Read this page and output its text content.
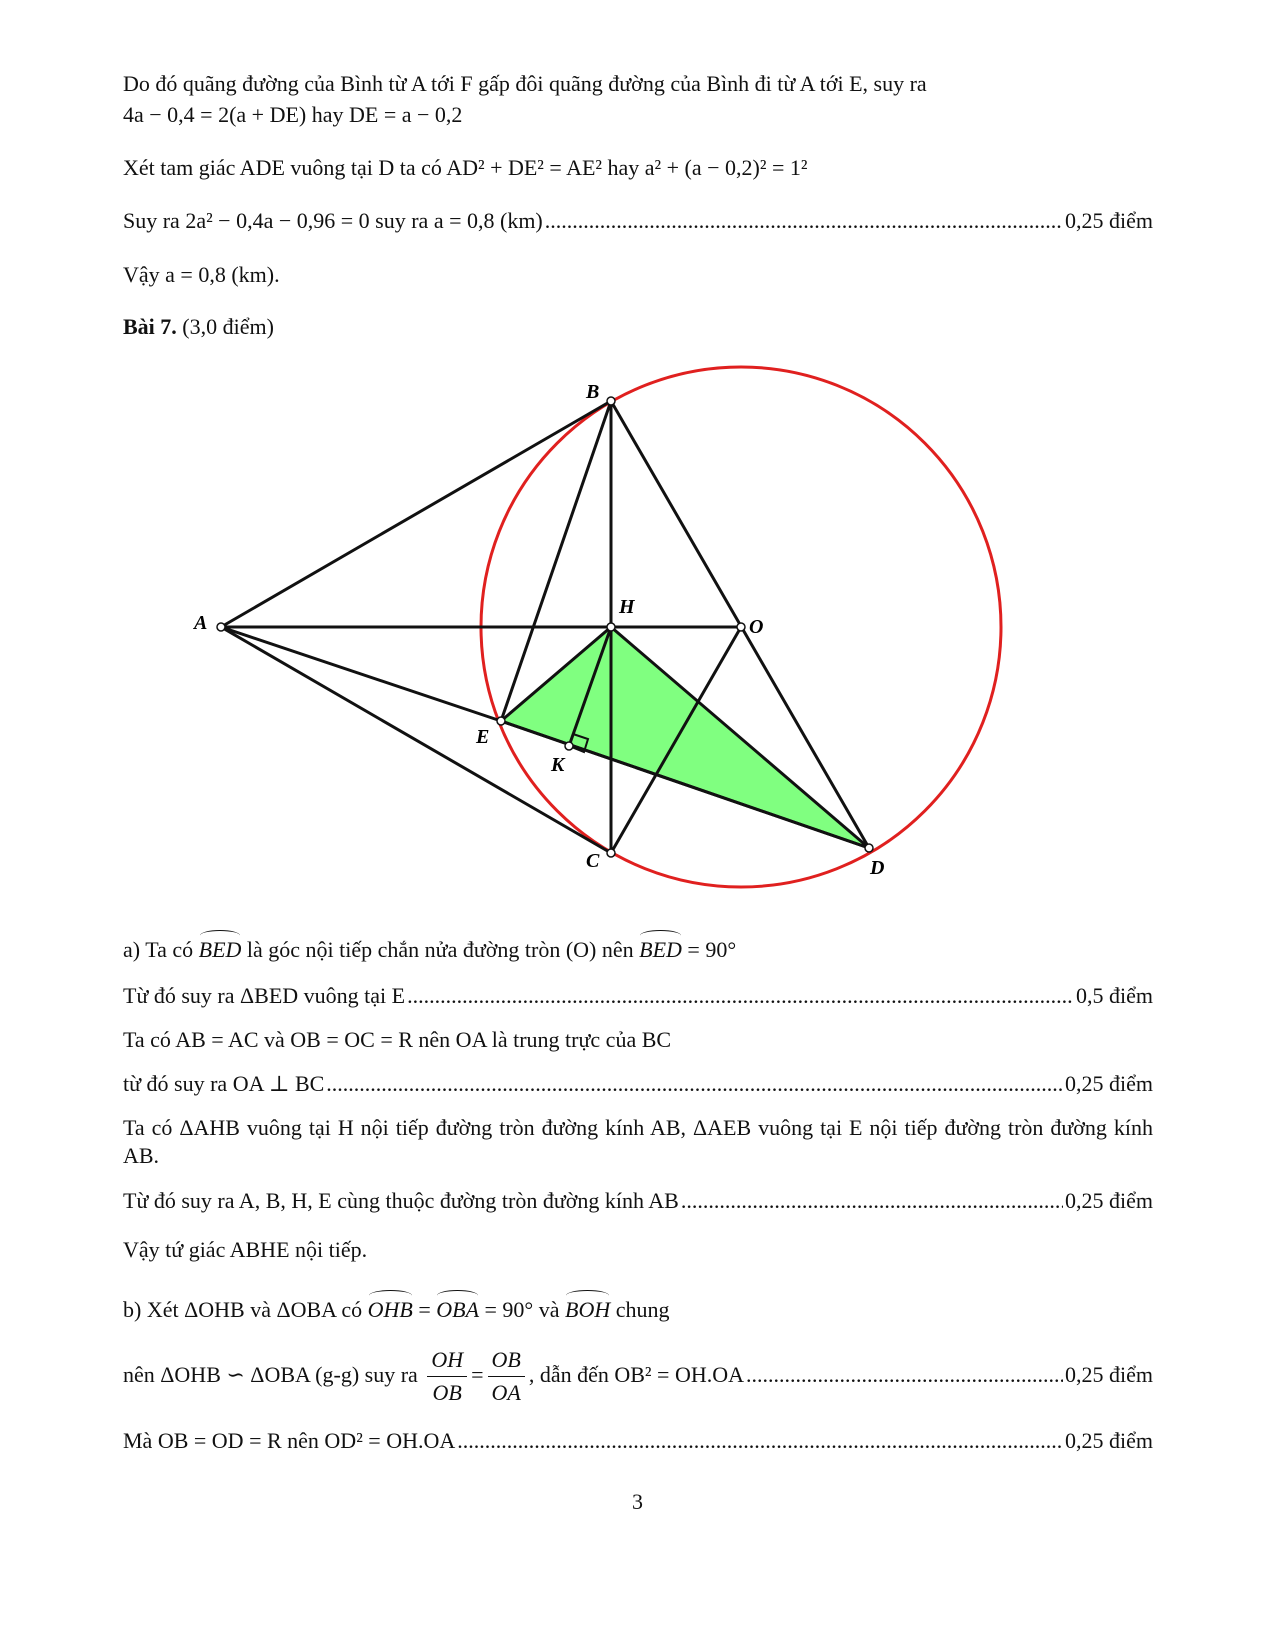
Do đó quãng đường của Bình từ A tới F gấp đôi quãng đường của Bình đi từ A tới E, suy ra
4a − 0,4 = 2(a + DE) hay DE = a − 0,2
Xét tam giác ADE vuông tại D ta có AD² + DE² = AE² hay a² + (a − 0,2)² = 1²
Suy ra 2a² − 0,4a − 0,96 = 0 suy ra a = 0,8 (km) .....	0,25 điểm
Vậy a = 0,8 (km).
Bài 7. (3,0 điểm)
B
A
H
O
E
K
C	D
a) Ta có BED là góc nội tiếp chắn nửa đường tròn (O) nên BED = 90°
Từ đó suy ra ΔBED vuông tại E .....	0,5 điểm
Ta có AB = AC và OB = OC = R nên OA là trung trực của BC
từ đó suy ra OA ⊥ BC .....	0,25 điểm
Ta có ΔAHB vuông tại H nội tiếp đường tròn đường kính AB, ΔAEB vuông tại E nội tiếp đường tròn đường kính AB.
Từ đó suy ra A, B, H, E cùng thuộc đường tròn đường kính AB .....	0,25 điểm
Vậy tứ giác ABHE nội tiếp.
b) Xét ΔOHB và ΔOBA có OHB = OBA = 90° và BOH chung
nên ΔOHB ∽ ΔOBA (g-g) suy ra $\frac{OH}{OB} = \frac{OB}{OA}$ , dẫn đến OB² = OH.OA .....	0,25 điểm
Mà OB = OD = R nên OD² = OH.OA .....	0,25 điểm
3
